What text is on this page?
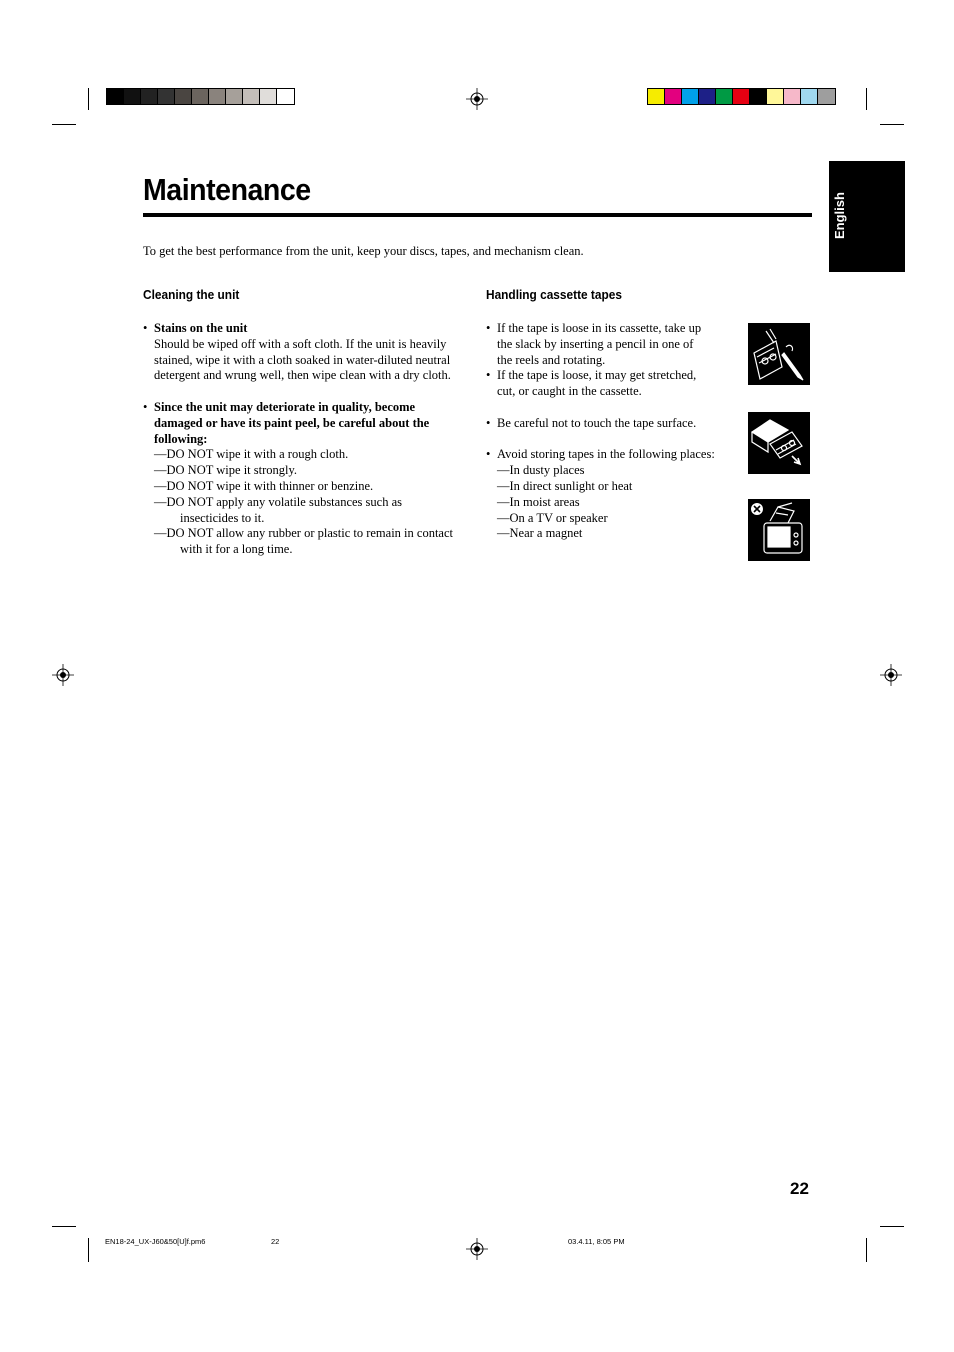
Maintenance
English
To get the best performance from the unit, keep your discs, tapes, and mechanism clean.
Cleaning the unit
• Stains on the unit
Should be wiped off with a soft cloth. If the unit is heavily
stained, wipe it with a cloth soaked in water-diluted neutral
detergent and wrung well, then wipe clean with a dry cloth.
• Since the unit may deteriorate in quality, become
damaged or have its paint peel, be careful about the
following:
—DO NOT wipe it with a rough cloth.
—DO NOT wipe it strongly.
—DO NOT wipe it with thinner or benzine.
—DO NOT apply any volatile substances such as insecticides to it.
—DO NOT allow any rubber or plastic to remain in contact with it for a long time.
Handling cassette tapes
• If the tape is loose in its cassette, take up
the slack by inserting a pencil in one of
the reels and rotating.
• If the tape is loose, it may get stretched,
cut, or caught in the cassette.
• Be careful not to touch the tape surface.
• Avoid storing tapes in the following places:
—In dusty places
—In direct sunlight or heat
—In moist areas
—On a TV or speaker
—Near a magnet
22
EN18-24_UX-J60&50[U]f.pm6	22	03.4.11, 8:05 PM
